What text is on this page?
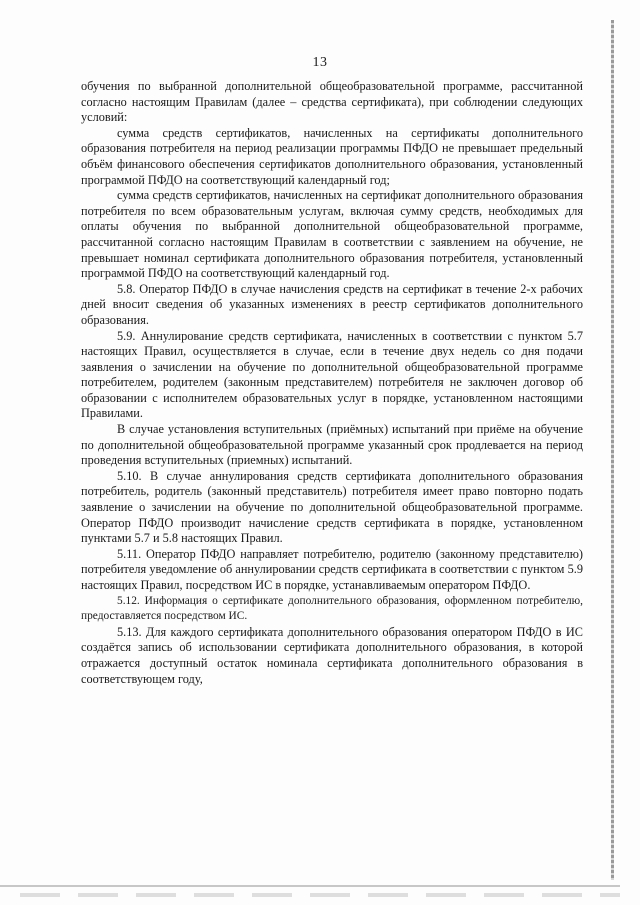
13

обучения по выбранной дополнительной общеобразовательной программе, рассчитанной согласно настоящим Правилам (далее – средства сертификата), при соблюдении следующих условий:

сумма средств сертификатов, начисленных на сертификаты дополнительного образования потребителя на период реализации программы ПФДО не превышает предельный объём финансового обеспечения сертификатов дополнительного образования, установленный программой ПФДО на соответствующий календарный год;

сумма средств сертификатов, начисленных на сертификат дополнительного образования потребителя по всем образовательным услугам, включая сумму средств, необходимых для оплаты обучения по выбранной дополнительной общеобразовательной программе, рассчитанной согласно настоящим Правилам в соответствии с заявлением на обучение, не превышает номинал сертификата дополнительного образования потребителя, установленный программой ПФДО на соответствующий календарный год.

5.8. Оператор ПФДО в случае начисления средств на сертификат в течение 2-х рабочих дней вносит сведения об указанных изменениях в реестр сертификатов дополнительного образования.

5.9. Аннулирование средств сертификата, начисленных в соответствии с пунктом 5.7 настоящих Правил, осуществляется в случае, если в течение двух недель со дня подачи заявления о зачислении на обучение по дополнительной общеобразовательной программе потребителем, родителем (законным представителем) потребителя не заключен договор об образовании с исполнителем образовательных услуг в порядке, установленном настоящими Правилами.

В случае установления вступительных (приёмных) испытаний при приёме на обучение по дополнительной общеобразовательной программе указанный срок продлевается на период проведения вступительных (приемных) испытаний.

5.10. В случае аннулирования средств сертификата дополнительного образования потребитель, родитель (законный представитель) потребителя имеет право повторно подать заявление о зачислении на обучение по дополнительной общеобразовательной программе. Оператор ПФДО производит начисление средств сертификата в порядке, установленном пунктами 5.7 и 5.8 настоящих Правил.

5.11. Оператор ПФДО направляет потребителю, родителю (законному представителю) потребителя уведомление об аннулировании средств сертификата в соответствии с пунктом 5.9 настоящих Правил, посредством ИС в порядке, устанавливаемым оператором ПФДО.

5.12. Информация о сертификате дополнительного образования, оформленном потребителю, предоставляется посредством ИС.

5.13. Для каждого сертификата дополнительного образования оператором ПФДО в ИС создаётся запись об использовании сертификата дополнительного образования, в которой отражается доступный остаток номинала сертификата дополнительного образования в соответствующем году,
